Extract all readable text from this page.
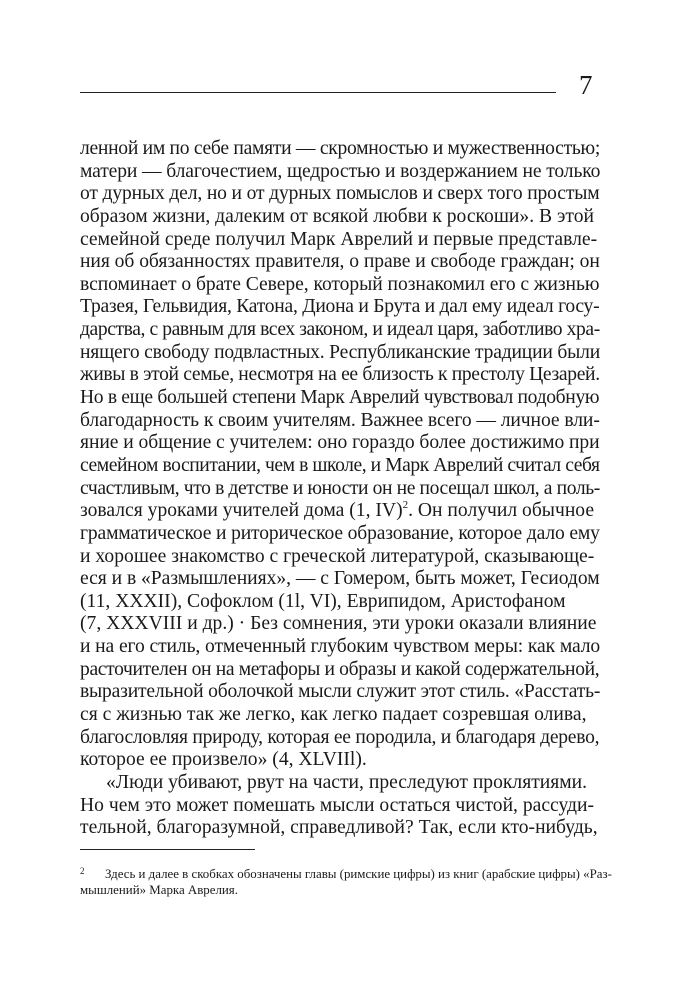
7
ленной им по себе памяти — скромностью и мужественностью;
матери — благочестием, щедростью и воздержанием не только
от дурных дел, но и от дурных помыслов и сверх того простым
образом жизни, далеким от всякой любви к роскоши». В этой
семейной среде получил Марк Аврелий и первые представле-
ния об обязанностях правителя, о праве и свободе граждан; он
вспоминает о брате Севере, который познакомил его с жизнью
Тразея, Гельвидия, Катона, Диона и Брута и дал ему идеал госу-
дарства, с равным для всех законом, и идеал царя, заботливо хра-
нящего свободу подвластных. Республиканские традиции были
живы в этой семье, несмотря на ее близость к престолу Цезарей.
Но в еще большей степени Марк Аврелий чувствовал подобную
благодарность к своим учителям. Важнее всего — личное вли-
яние и общение с учителем: оно гораздо более достижимо при
семейном воспитании, чем в школе, и Марк Аврелий считал себя
счастливым, что в детстве и юности он не посещал школ, а поль-
зовался уроками учителей дома (1, IV)$^2$. Он получил обычное
грамматическое и риторическое образование, которое дало ему
и хорошее знакомство с греческой литературой, сказывающе-
еся и в «Размышлениях», — с Гомером, быть может, Гесиодом
(11, XXXII), Софоклом (1l, VI), Еврипидом, Аристофаном
(7, XXXVIII и др.) · Без сомнения, эти уроки оказали влияние
и на его стиль, отмеченный глубоким чувством меры: как мало
расточителен он на метафоры и образы и какой содержательной,
выразительной оболочкой мысли служит этот стиль. «Расстать-
ся с жизнью так же легко, как легко падает созревшая олива,
благословляя природу, которая ее породила, и благодаря дерево,
которое ее произвело» (4, XLVIIl).
«Люди убивают, рвут на части, преследуют проклятиями.
Но чем это может помешать мысли остаться чистой, рассуди-
тельной, благоразумной, справедливой? Так, если кто-нибудь,
2 Здесь и далее в скобках обозначены главы (римские цифры) из книг (арабские цифры) «Раз-
мышлений» Марка Аврелия.
